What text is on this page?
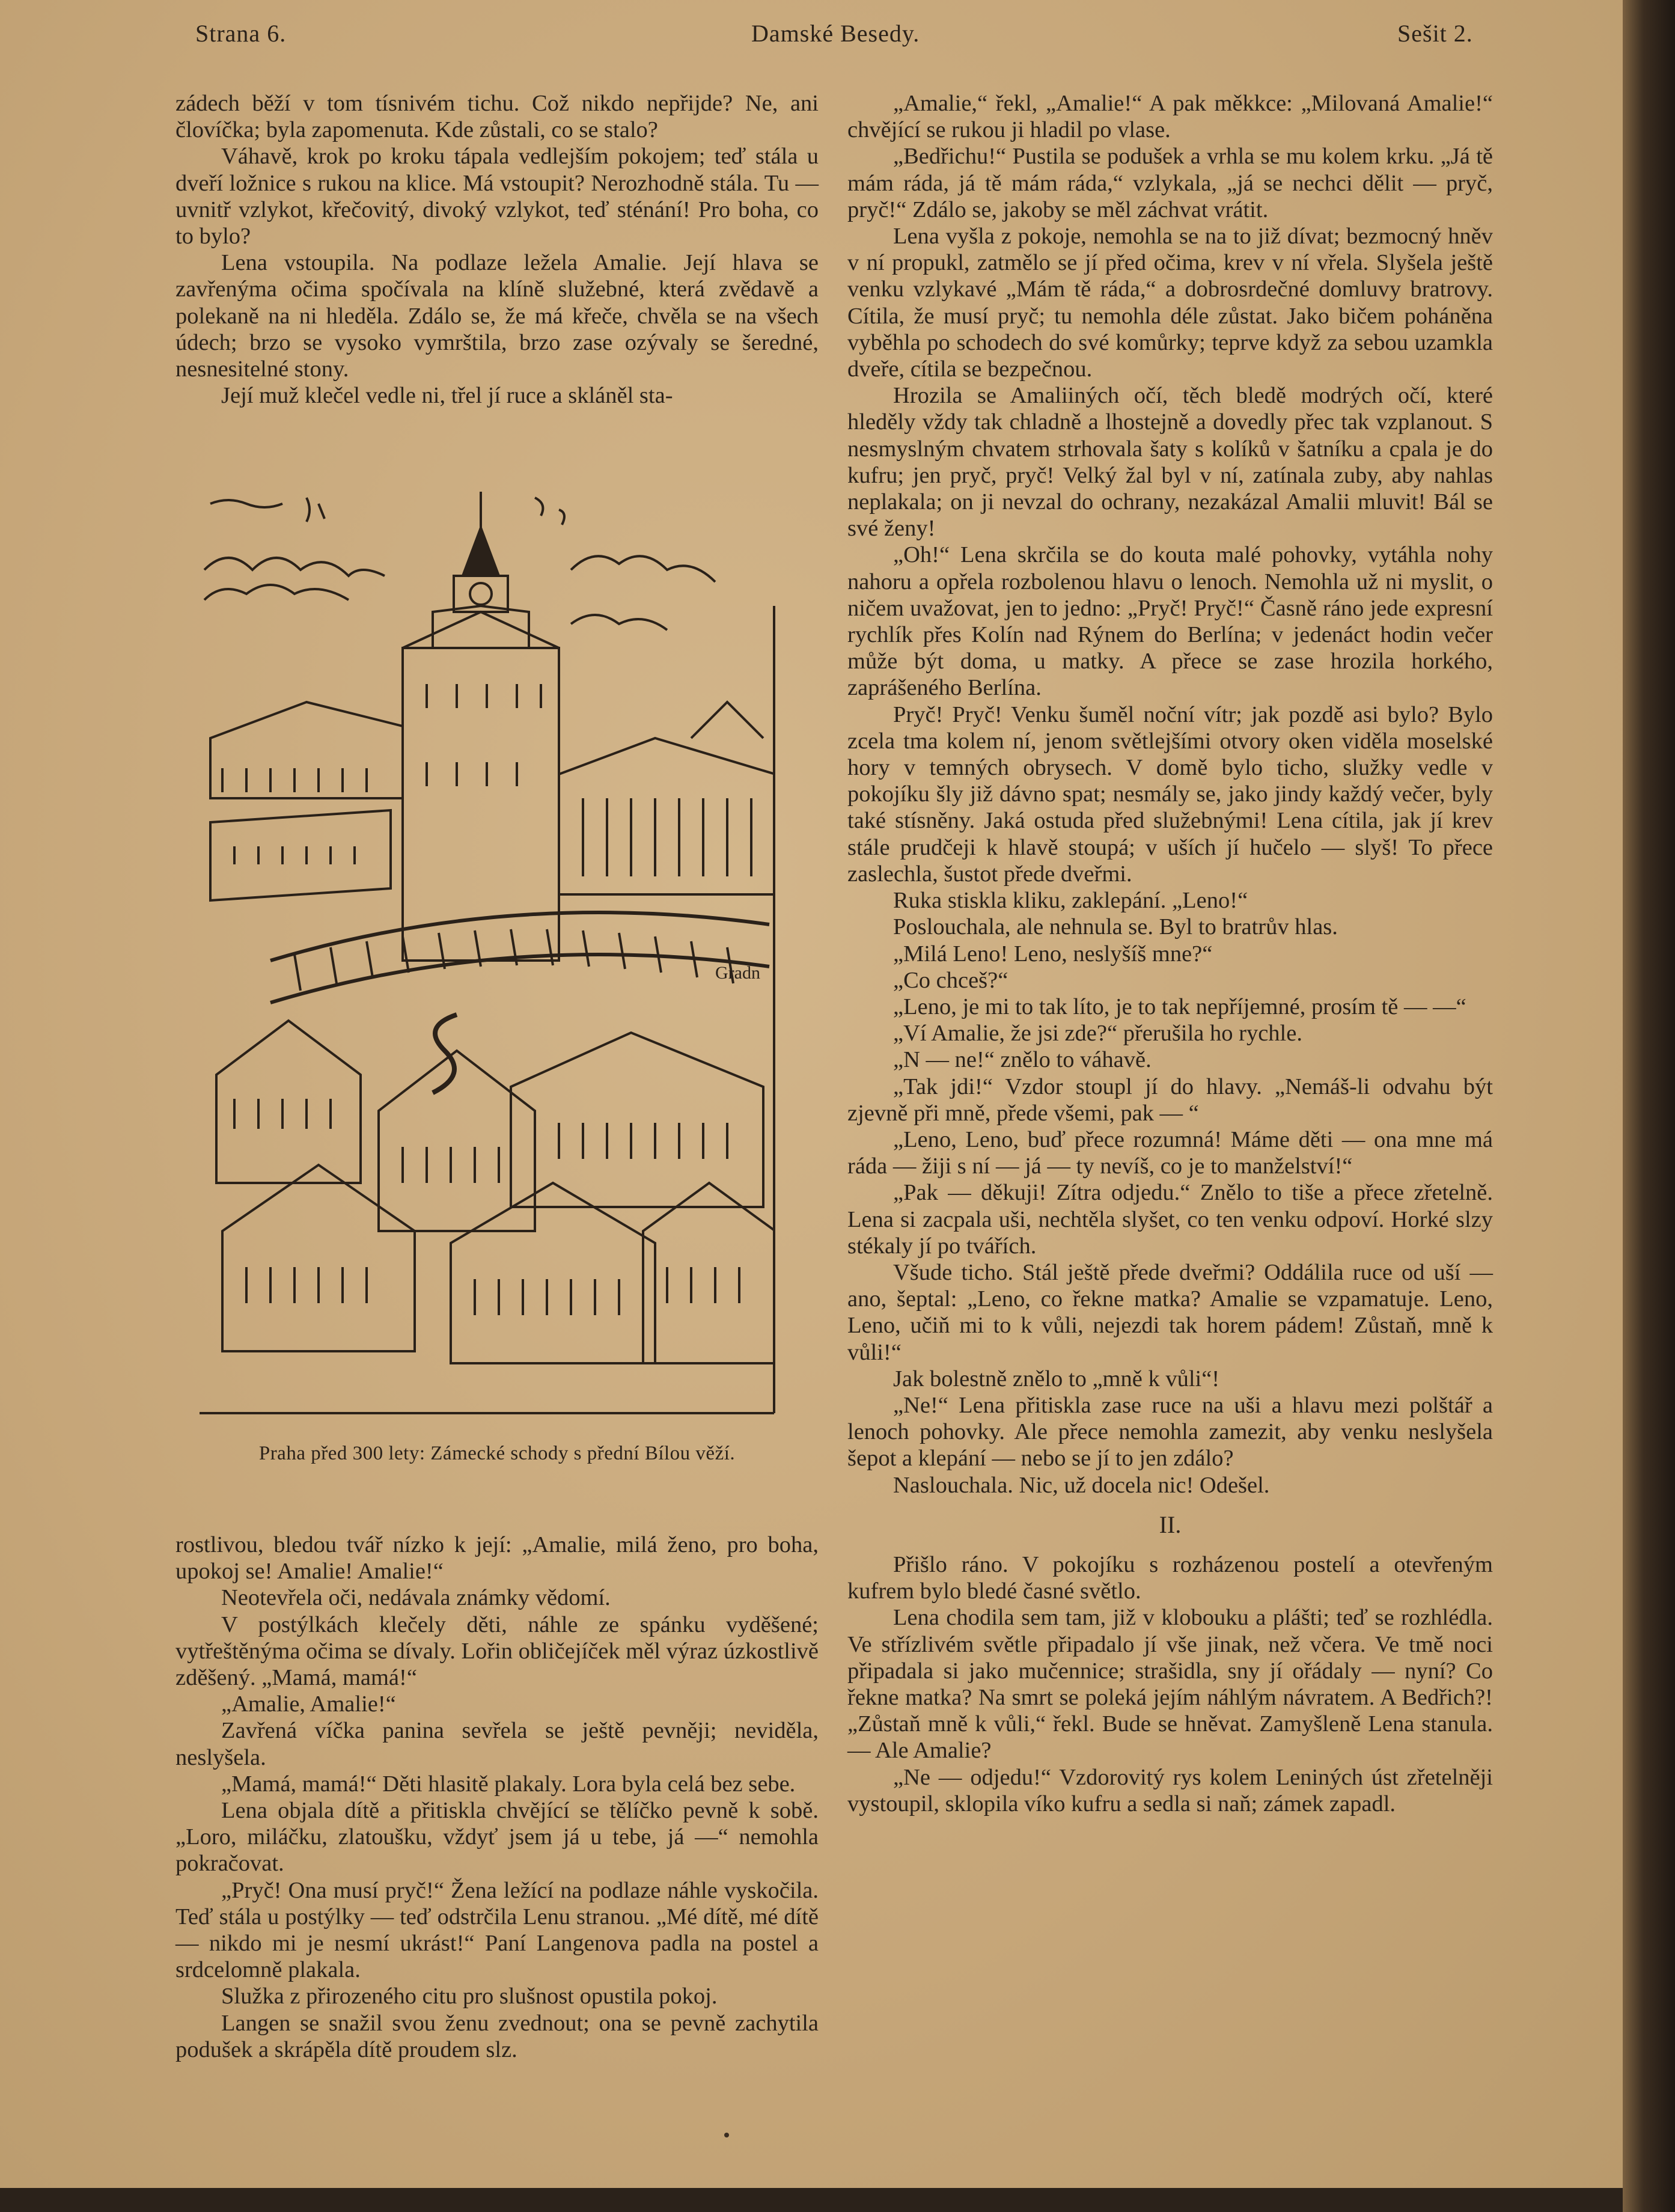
Strana 6.	Damské Besedy.	Sešit 2.

zádech běží v tom tísnivém tichu. Což nikdo nepřijde? Ne, ani človíčka; byla zapomenuta. Kde zůstali, co se stalo?

Váhavě, krok po kroku tápala vedlejším pokojem; teď stála u dveří ložnice s rukou na klice. Má vstoupit? Nerozhodně stála. Tu — uvnitř vzlykot, křečovitý, divoký vzlykot, teď sténání! Pro boha, co to bylo?

Lena vstoupila. Na podlaze ležela Amalie. Její hlava se zavřenýma očima spočívala na klíně služebné, která zvědavě a polekaně na ni hleděla. Zdálo se, že má křeče, chvěla se na všech údech; brzo se vysoko vymrštila, brzo zase ozývaly se šeredné, nesnesitelné stony.

Její muž klečel vedle ni, třel jí ruce a skláněl sta-

Gradn
Praha před 300 lety: Zámecké schody s přední Bílou věží.

rostlivou, bledou tvář nízko k její: „Amalie, milá ženo, pro boha, upokoj se! Amalie! Amalie!“

Neotevřela oči, nedávala známky vědomí.

V postýlkách klečely děti, náhle ze spánku vyděšené; vytřeštěnýma očima se dívaly. Lořin obličejíček měl výraz úzkostlivě zděšený. „Mamá, mamá!“

„Amalie, Amalie!“

Zavřená víčka panina sevřela se ještě pevněji; neviděla, neslyšela.

„Mamá, mamá!“ Děti hlasitě plakaly. Lora byla celá bez sebe.

Lena objala dítě a přitiskla chvějící se tělíčko pevně k sobě. „Loro, miláčku, zlatoušku, vždyť jsem já u tebe, já —“ nemohla pokračovat.

„Pryč! Ona musí pryč!“ Žena ležící na podlaze náhle vyskočila. Teď stála u postýlky — teď odstrčila Lenu stranou. „Mé dítě, mé dítě — nikdo mi je nesmí ukrást!“ Paní Langenova padla na postel a srdcelomně plakala.

Služka z přirozeného citu pro slušnost opustila pokoj.

Langen se snažil svou ženu zvednout; ona se pevně zachytila podušek a skrápěla dítě proudem slz.

„Amalie,“ řekl, „Amalie!“ A pak měkkce: „Milovaná Amalie!“ chvějící se rukou ji hladil po vlase.

„Bedřichu!“ Pustila se podušek a vrhla se mu kolem krku. „Já tě mám ráda, já tě mám ráda,“ vzlykala, „já se nechci dělit — pryč, pryč!“ Zdálo se, jakoby se měl záchvat vrátit.

Lena vyšla z pokoje, nemohla se na to již dívat; bezmocný hněv v ní propukl, zatmělo se jí před očima, krev v ní vřela. Slyšela ještě venku vzlykavé „Mám tě ráda,“ a dobrosrdečné domluvy bratrovy. Cítila, že musí pryč; tu nemohla déle zůstat. Jako bičem poháněna vyběhla po schodech do své komůrky; teprve když za sebou uzamkla dveře, cítila se bezpečnou.

Hrozila se Amaliiných očí, těch bledě modrých očí, které hleděly vždy tak chladně a lhostejně a dovedly přec tak vzplanout. S nesmyslným chvatem strhovala šaty s kolíků v šatníku a cpala je do kufru; jen pryč, pryč! Velký žal byl v ní, zatínala zuby, aby nahlas neplakala; on ji nevzal do ochrany, nezakázal Amalii mluvit! Bál se své ženy!

„Oh!“ Lena skrčila se do kouta malé pohovky, vytáhla nohy nahoru a opřela rozbolenou hlavu o lenoch. Nemohla už ni myslit, o ničem uvažovat, jen to jedno: „Pryč! Pryč!“ Časně ráno jede expresní rychlík přes Kolín nad Rýnem do Berlína; v jedenáct hodin večer může být doma, u matky. A přece se zase hrozila horkého, zaprášeného Berlína.

Pryč! Pryč! Venku šuměl noční vítr; jak pozdě asi bylo? Bylo zcela tma kolem ní, jenom světlejšími otvory oken viděla moselské hory v temných obrysech. V domě bylo ticho, služky vedle v pokojíku šly již dávno spat; nesmály se, jako jindy každý večer, byly také stísněny. Jaká ostuda před služebnými! Lena cítila, jak jí krev stále prudčeji k hlavě stoupá; v uších jí hučelo — slyš! To přece zaslechla, šustot přede dveřmi.

Ruka stiskla kliku, zaklepání. „Leno!“

Poslouchala, ale nehnula se. Byl to bratrův hlas.

„Milá Leno! Leno, neslyšíš mne?“

„Co chceš?“

„Leno, je mi to tak líto, je to tak nepříjemné, prosím tě — —“

„Ví Amalie, že jsi zde?“ přerušila ho rychle.

„N — ne!“ znělo to váhavě.

„Tak jdi!“ Vzdor stoupl jí do hlavy. „Nemáš-li odvahu být zjevně při mně, přede všemi, pak — “

„Leno, Leno, buď přece rozumná! Máme děti — ona mne má ráda — žiji s ní — já — ty nevíš, co je to manželství!“

„Pak — děkuji! Zítra odjedu.“ Znělo to tiše a přece zřetelně. Lena si zacpala uši, nechtěla slyšet, co ten venku odpoví. Horké slzy stékaly jí po tvářích.

Všude ticho. Stál ještě přede dveřmi? Oddálila ruce od uší — ano, šeptal: „Leno, co řekne matka? Amalie se vzpamatuje. Leno, Leno, učiň mi to k vůli, nejezdi tak horem pádem! Zůstaň, mně k vůli!“

Jak bolestně znělo to „mně k vůli“!

„Ne!“ Lena přitiskla zase ruce na uši a hlavu mezi polštář a lenoch pohovky. Ale přece nemohla zamezit, aby venku neslyšela šepot a klepání — nebo se jí to jen zdálo?

Naslouchala. Nic, už docela nic! Odešel.

II.

Přišlo ráno. V pokojíku s rozházenou postelí a otevřeným kufrem bylo bledé časné světlo.

Lena chodila sem tam, již v klobouku a plášti; teď se rozhlédla. Ve střízlivém světle připadalo jí vše jinak, než včera. Ve tmě noci připadala si jako mučennice; strašidla, sny jí ořádaly — nyní? Co řekne matka? Na smrt se poleká jejím náhlým návratem. A Bedřich?! „Zůstaň mně k vůli,“ řekl. Bude se hněvat. Zamyšleně Lena stanula. — Ale Amalie?

„Ne — odjedu!“ Vzdorovitý rys kolem Leniných úst zřetelněji vystoupil, sklopila víko kufru a sedla si naň; zámek zapadl.
